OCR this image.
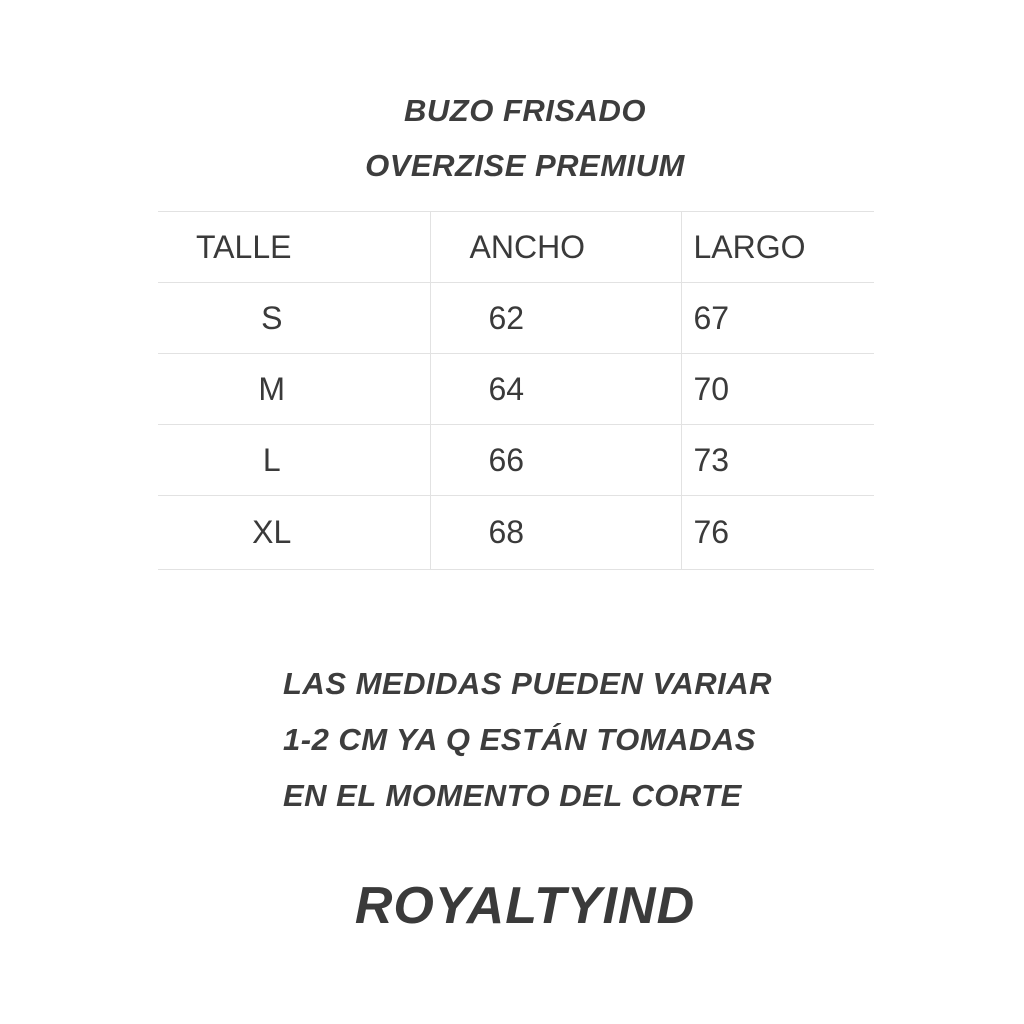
BUZO FRISADO
OVERZISE PREMIUM
TALLE	ANCHO	LARGO
S	62	67
M	64	70
L	66	73
XL	68	76

LAS MEDIDAS PUEDEN VARIAR
1-2 CM YA Q ESTÁN TOMADAS
EN EL MOMENTO DEL CORTE

ROYALTYIND
